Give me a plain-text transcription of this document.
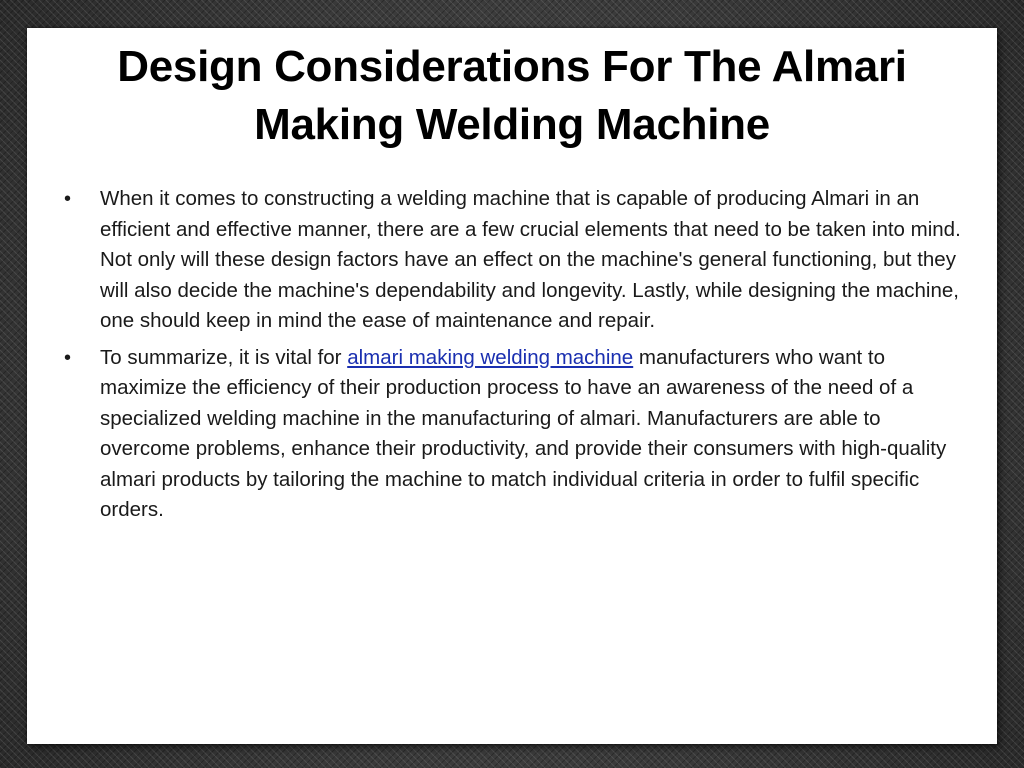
Design Considerations For The Almari
Making Welding Machine
• When it comes to constructing a welding machine that is capable of producing Almari in an efficient and effective manner, there are a few crucial elements that need to be taken into mind. Not only will these design factors have an effect on the machine's general functioning, but they will also decide the machine's dependability and longevity. Lastly, while designing the machine, one should keep in mind the ease of maintenance and repair.
• To summarize, it is vital for almari making welding machine manufacturers who want to maximize the efficiency of their production process to have an awareness of the need of a specialized welding machine in the manufacturing of almari. Manufacturers are able to overcome problems, enhance their productivity, and provide their consumers with high-quality almari products by tailoring the machine to match individual criteria in order to fulfil specific orders.
